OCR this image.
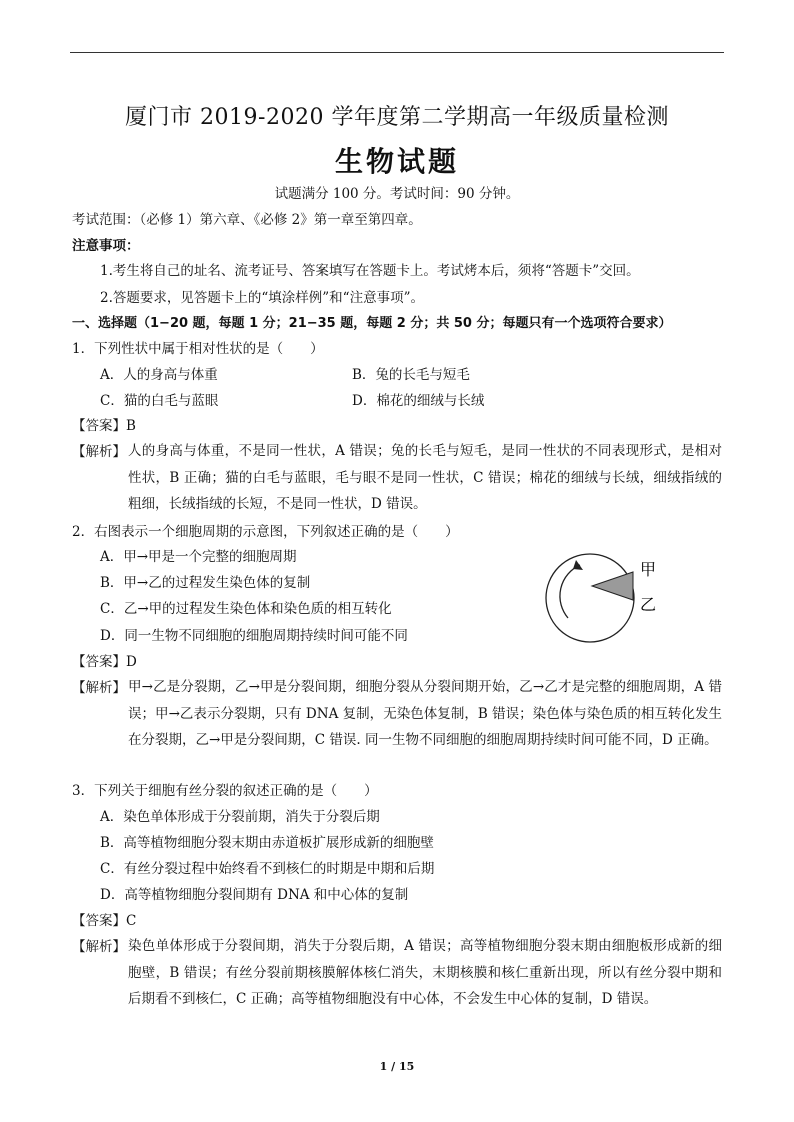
厦门市 2019-2020 学年度第二学期高一年级质量检测
生物试题
试题满分 100 分。考试时间：90 分钟。
考试范围：（必修 1）第六章、《必修 2》第一章至第四章。
注意事项：
1.考生将自己的址名、流考证号、答案填写在答题卡上。考试烤本后，须将“答题卡”交回。
2.答题要求，见答题卡上的“填涂样例”和“注意事项”。
一、选择题（1−20 题，每题 1 分；21−35 题，每题 2 分；共 50 分；每题只有一个选项符合要求）
1．下列性状中属于相对性状的是（　　）
A．人的身高与体重	B．兔的长毛与短毛
C．猫的白毛与蓝眼	D．棉花的细绒与长绒
【答案】B
【解析】 人的身高与体重，不是同一性状，A 错误；兔的长毛与短毛，是同一性状的不同表现形式，是相对性状，B 正确；猫的白毛与蓝眼，毛与眼不是同一性状，C 错误；棉花的细绒与长绒，细绒指绒的粗细，长绒指绒的长短，不是同一性状，D 错误。
2．右图表示一个细胞周期的示意图，下列叙述正确的是（　　）
A．甲→甲是一个完整的细胞周期
B．甲→乙的过程发生染色体的复制
C．乙→甲的过程发生染色体和染色质的相互转化
D．同一生物不同细胞的细胞周期持续时间可能不同
甲
乙
【答案】D
【解析】 甲→乙是分裂期，乙→甲是分裂间期，细胞分裂从分裂间期开始，乙→乙才是完整的细胞周期，A 错误；甲→乙表示分裂期，只有 DNA 复制，无染色体复制，B 错误；染色体与染色质的相互转化发生在分裂期，乙→甲是分裂间期，C 错误. 同一生物不同细胞的细胞周期持续时间可能不同，D 正确。
3．下列关于细胞有丝分裂的叙述正确的是（　　）
A．染色单体形成于分裂前期，消失于分裂后期
B．高等植物细胞分裂末期由赤道板扩展形成新的细胞壁
C．有丝分裂过程中始终看不到核仁的时期是中期和后期
D．高等植物细胞分裂间期有 DNA 和中心体的复制
【答案】C
【解析】 染色单体形成于分裂间期，消失于分裂后期，A 错误；高等植物细胞分裂末期由细胞板形成新的细胞壁，B 错误；有丝分裂前期核膜解体核仁消失，末期核膜和核仁重新出现，所以有丝分裂中期和后期看不到核仁，C 正确；高等植物细胞没有中心体，不会发生中心体的复制，D 错误。
1 / 15
